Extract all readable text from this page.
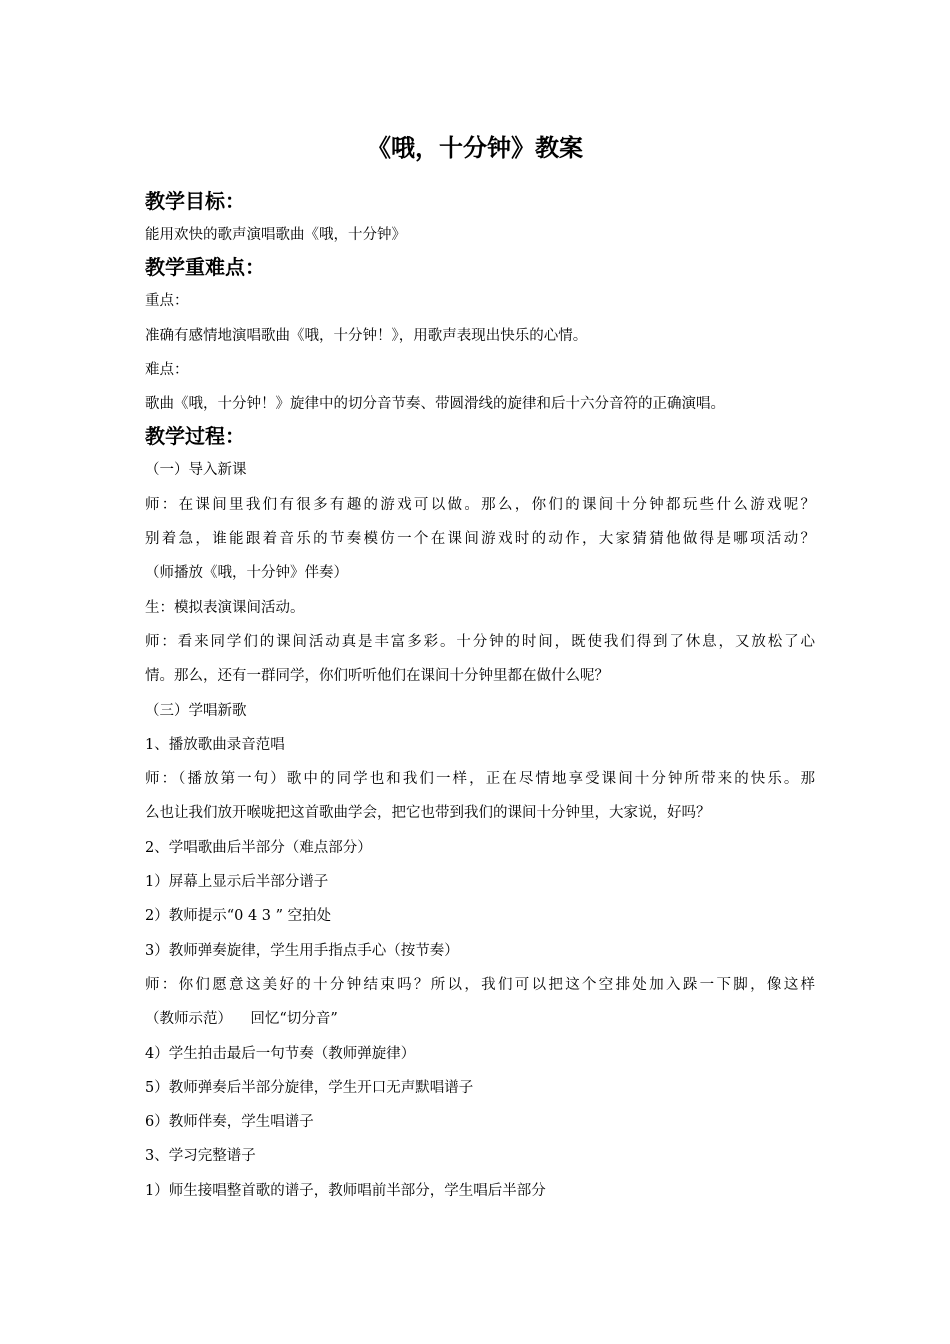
《哦，十分钟》教案
教学目标：
能用欢快的歌声演唱歌曲《哦，十分钟》
教学重难点：
重点：
准确有感情地演唱歌曲《哦，十分钟！》，用歌声表现出快乐的心情。
难点：
歌曲《哦，十分钟！》旋律中的切分音节奏、带圆滑线的旋律和后十六分音符的正确演唱。
教学过程：
（一）导入新课
师：在课间里我们有很多有趣的游戏可以做。那么，你们的课间十分钟都玩些什么游戏呢？
别着急，谁能跟着音乐的节奏模仿一个在课间游戏时的动作，大家猜猜他做得是哪项活动？
（师播放《哦，十分钟》伴奏）
生：模拟表演课间活动。
师：看来同学们的课间活动真是丰富多彩。十分钟的时间，既使我们得到了休息，又放松了心
情。那么，还有一群同学，你们听听他们在课间十分钟里都在做什么呢？
（三）学唱新歌
1、播放歌曲录音范唱
师：（播放第一句）歌中的同学也和我们一样，正在尽情地享受课间十分钟所带来的快乐。那
么也让我们放开喉咙把这首歌曲学会，把它也带到我们的课间十分钟里，大家说，好吗？
2、学唱歌曲后半部分（难点部分）
1）屏幕上显示后半部分谱子
2）教师提示“0 4 3 ” 空拍处
3）教师弹奏旋律，学生用手指点手心（按节奏）
师：你们愿意这美好的十分钟结束吗？所以，我们可以把这个空排处加入跺一下脚，像这样
（教师示范）    回忆“切分音”
4）学生拍击最后一句节奏（教师弹旋律）
5）教师弹奏后半部分旋律，学生开口无声默唱谱子
6）教师伴奏，学生唱谱子
3、学习完整谱子
1）师生接唱整首歌的谱子，教师唱前半部分，学生唱后半部分
